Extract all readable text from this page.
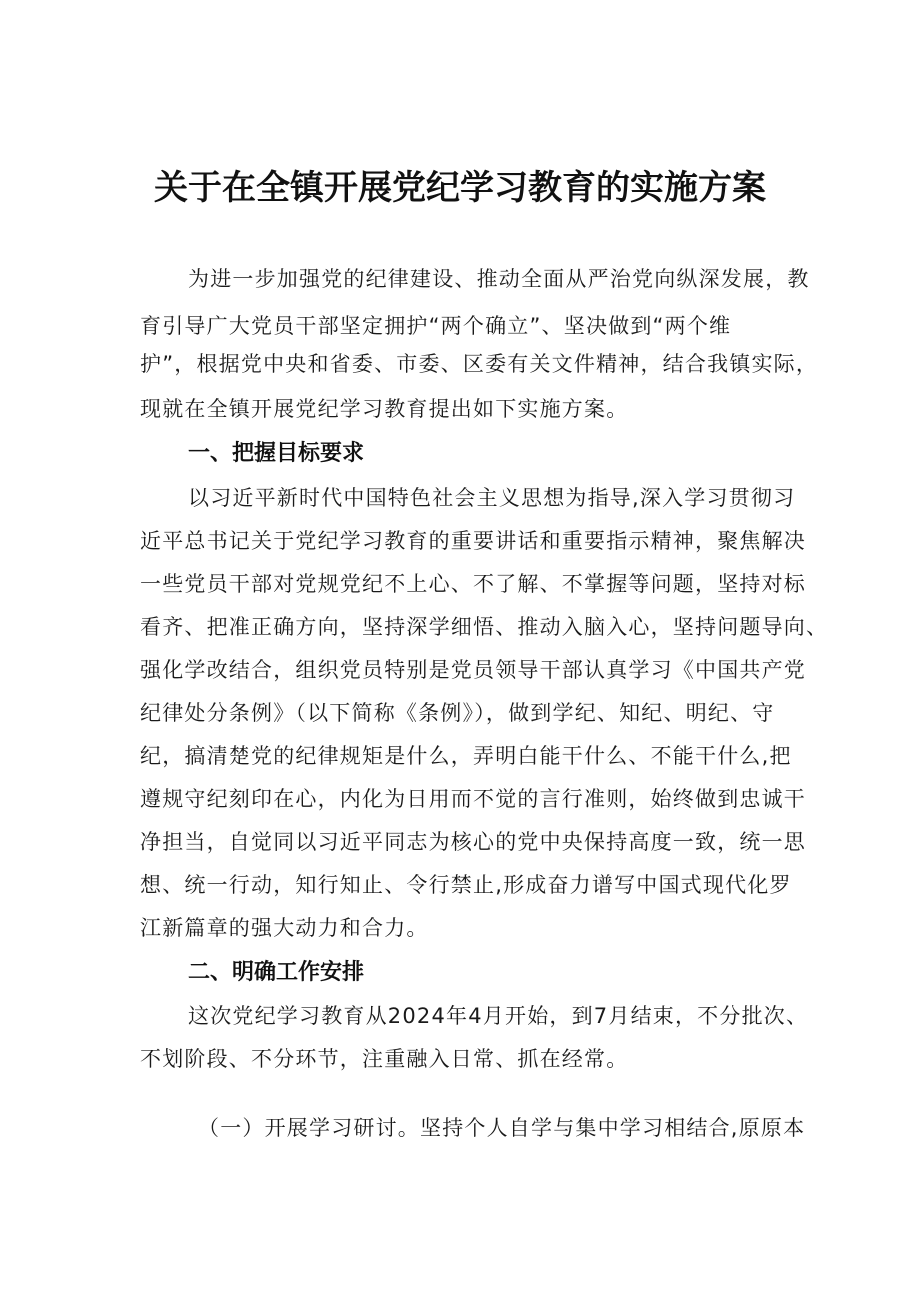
关于在全镇开展党纪学习教育的实施方案
为进一步加强党的纪律建设、推动全面从严治党向纵深发展，教
育引导广大党员干部坚定拥护“两个确立”、坚决做到“两个维
护”，根据党中央和省委、市委、区委有关文件精神，结合我镇实际，
现就在全镇开展党纪学习教育提出如下实施方案。
一、把握目标要求
以习近平新时代中国特色社会主义思想为指导,深入学习贯彻习
近平总书记关于党纪学习教育的重要讲话和重要指示精神，聚焦解决
一些党员干部对党规党纪不上心、不了解、不掌握等问题，坚持对标
看齐、把准正确方向，坚持深学细悟、推动入脑入心，坚持问题导向、
强化学改结合，组织党员特别是党员领导干部认真学习《中国共产党
纪律处分条例》（以下简称《条例》），做到学纪、知纪、明纪、守
纪，搞清楚党的纪律规矩是什么，弄明白能干什么、不能干什么,把
遵规守纪刻印在心，内化为日用而不觉的言行准则，始终做到忠诚干
净担当，自觉同以习近平同志为核心的党中央保持高度一致，统一思
想、统一行动，知行知止、令行禁止,形成奋力谱写中国式现代化罗
江新篇章的强大动力和合力。
二、明确工作安排
这次党纪学习教育从2024年4月开始，到7月结束，不分批次、
不划阶段、不分环节，注重融入日常、抓在经常。
（一）开展学习研讨。坚持个人自学与集中学习相结合,原原本
